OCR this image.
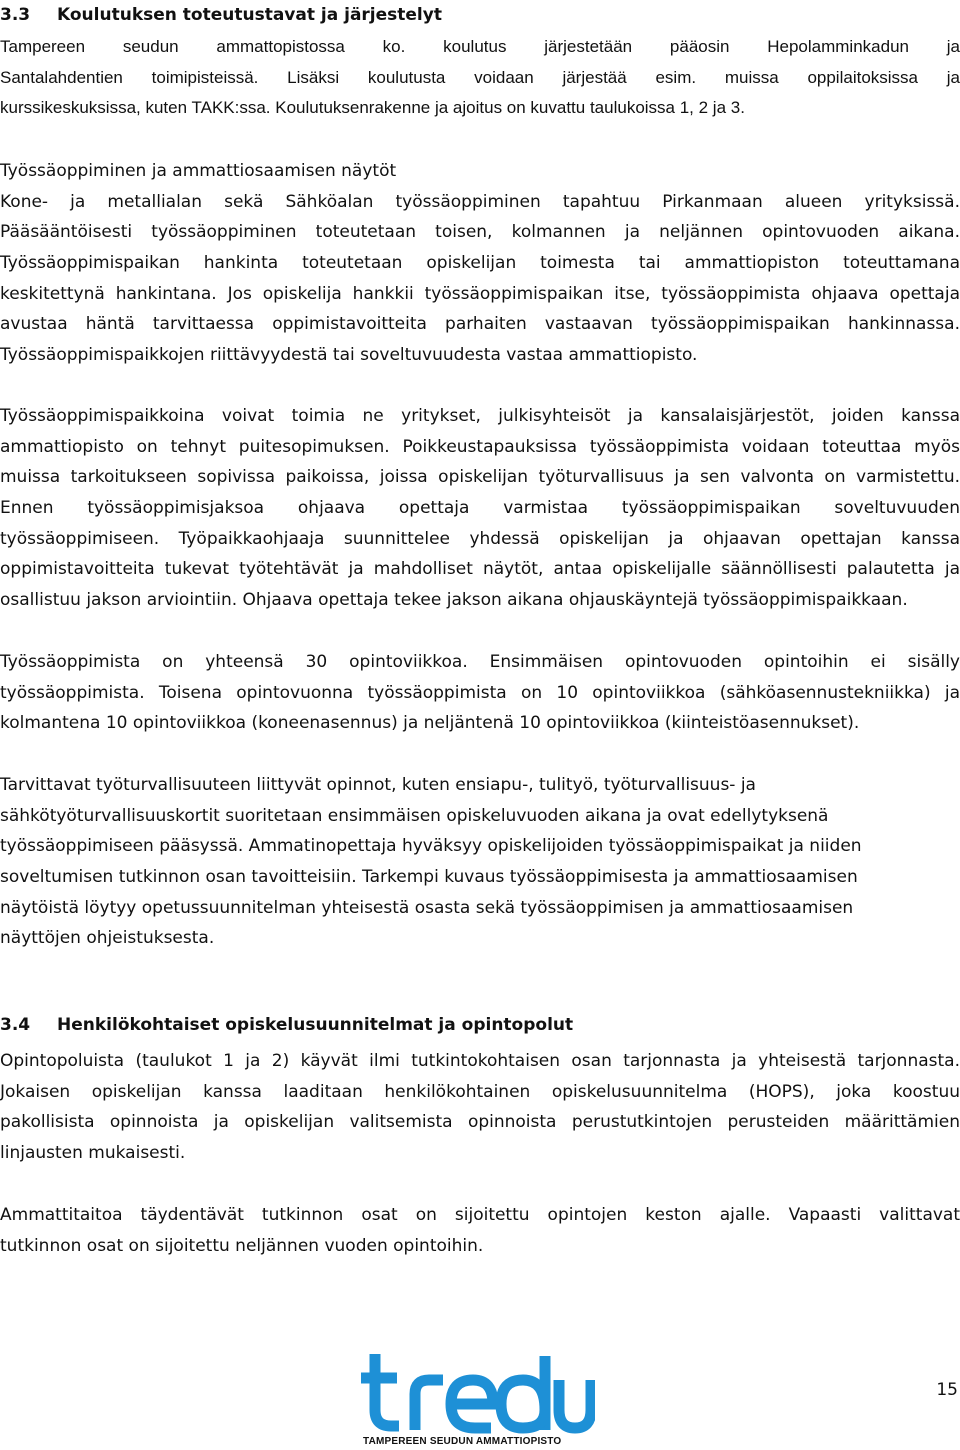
3.3 Koulutuksen toteutustavat ja järjestelyt
Tampereen seudun ammattopistossa ko. koulutus järjestetään pääosin Hepolamminkadun ja
Santalahdentien toimipisteissä. Lisäksi koulutusta voidaan järjestää esim. muissa oppilaitoksissa ja
kurssikeskuksissa, kuten TAKK:ssa. Koulutuksenrakenne ja ajoitus on kuvattu taulukoissa 1, 2 ja 3.
Työssäoppiminen ja ammattiosaamisen näytöt
Kone- ja metallialan sekä Sähköalan työssäoppiminen tapahtuu Pirkanmaan alueen yrityksissä.
Pääsääntöisesti työssäoppiminen toteutetaan toisen, kolmannen ja neljännen opintovuoden aikana.
Työssäoppimispaikan hankinta toteutetaan opiskelijan toimesta tai ammattiopiston toteuttamana
keskitettynä hankintana. Jos opiskelija hankkii työssäoppimispaikan itse, työssäoppimista ohjaava opettaja
avustaa häntä tarvittaessa oppimistavoitteita parhaiten vastaavan työssäoppimispaikan hankinnassa.
Työssäoppimispaikkojen riittävyydestä tai soveltuvuudesta vastaa ammattiopisto.
Työssäoppimispaikkoina voivat toimia ne yritykset, julkisyhteisöt ja kansalaisjärjestöt, joiden kanssa
ammattiopisto on tehnyt puitesopimuksen. Poikkeustapauksissa työssäoppimista voidaan toteuttaa myös
muissa tarkoitukseen sopivissa paikoissa, joissa opiskelijan työturvallisuus ja sen valvonta on varmistettu.
Ennen työssäoppimisjaksoa ohjaava opettaja varmistaa työssäoppimispaikan soveltuvuuden
työssäoppimiseen. Työpaikkaohjaaja suunnittelee yhdessä opiskelijan ja ohjaavan opettajan kanssa
oppimistavoitteita tukevat työtehtävät ja mahdolliset näytöt, antaa opiskelijalle säännöllisesti palautetta ja
osallistuu jakson arviointiin. Ohjaava opettaja tekee jakson aikana ohjauskäyntejä työssäoppimispaikkaan.
Työssäoppimista on yhteensä 30 opintoviikkoa. Ensimmäisen opintovuoden opintoihin ei sisälly
työssäoppimista. Toisena opintovuonna työssäoppimista on 10 opintoviikkoa (sähköasennustekniikka) ja
kolmantena 10 opintoviikkoa (koneenasennus) ja neljäntenä 10 opintoviikkoa (kiinteistöasennukset).
Tarvittavat työturvallisuuteen liittyvät opinnot, kuten ensiapu-, tulityö, työturvallisuus- ja
sähkötyöturvallisuuskortit suoritetaan ensimmäisen opiskeluvuoden aikana ja ovat edellytyksenä
työssäoppimiseen pääsyssä. Ammatinopettaja hyväksyy opiskelijoiden työssäoppimispaikat ja niiden
soveltumisen tutkinnon osan tavoitteisiin. Tarkempi kuvaus työssäoppimisesta ja ammattiosaamisen
näytöistä löytyy opetussuunnitelman yhteisestä osasta sekä työssäoppimisen ja ammattiosaamisen
näyttöjen ohjeistuksesta.
3.4 Henkilökohtaiset opiskelusuunnitelmat ja opintopolut
Opintopoluista (taulukot 1 ja 2) käyvät ilmi tutkintokohtaisen osan tarjonnasta ja yhteisestä tarjonnasta.
Jokaisen opiskelijan kanssa laaditaan henkilökohtainen opiskelusuunnitelma (HOPS), joka koostuu
pakollisista opinnoista ja opiskelijan valitsemista opinnoista perustutkintojen perusteiden määrittämien
linjausten mukaisesti.
Ammattitaitoa täydentävät tutkinnon osat on sijoitettu opintojen keston ajalle. Vapaasti valittavat
tutkinnon osat on sijoitettu neljännen vuoden opintoihin.
TAMPEREEN SEUDUN AMMATTIOPISTO
15
